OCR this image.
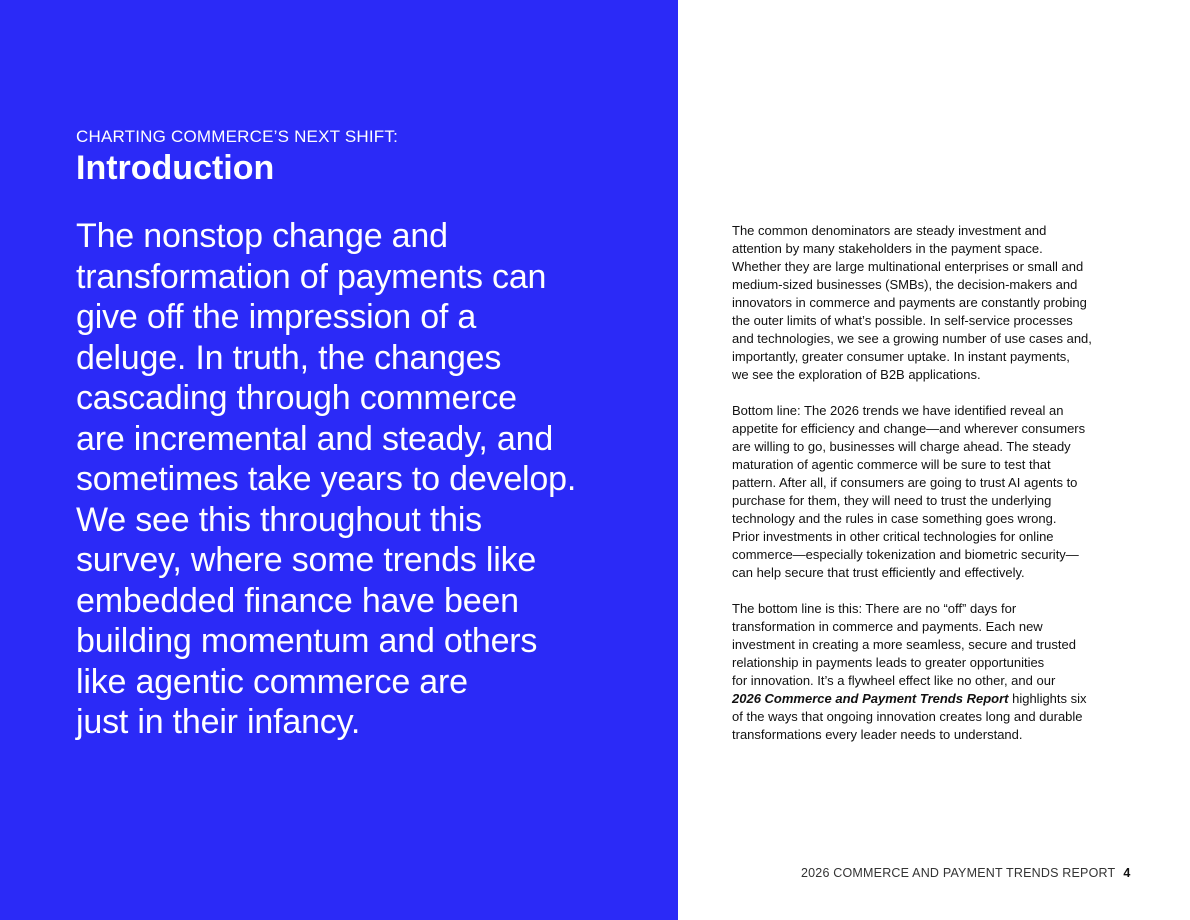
CHARTING COMMERCE’S NEXT SHIFT:
Introduction
The nonstop change and
transformation of payments can
give off the impression of a
deluge. In truth, the changes
cascading through commerce
are incremental and steady, and
sometimes take years to develop.
We see this throughout this
survey, where some trends like
embedded finance have been
building momentum and others
like agentic commerce are
just in their infancy.

The common denominators are steady investment and
attention by many stakeholders in the payment space.
Whether they are large multinational enterprises or small and
medium-sized businesses (SMBs), the decision-makers and
innovators in commerce and payments are constantly probing
the outer limits of what’s possible. In self-service processes
and technologies, we see a growing number of use cases and,
importantly, greater consumer uptake. In instant payments,
we see the exploration of B2B applications.

Bottom line: The 2026 trends we have identified reveal an
appetite for efficiency and change—and wherever consumers
are willing to go, businesses will charge ahead. The steady
maturation of agentic commerce will be sure to test that
pattern. After all, if consumers are going to trust AI agents to
purchase for them, they will need to trust the underlying
technology and the rules in case something goes wrong.
Prior investments in other critical technologies for online
commerce—especially tokenization and biometric security—
can help secure that trust efficiently and effectively.

The bottom line is this: There are no “off” days for
transformation in commerce and payments. Each new
investment in creating a more seamless, secure and trusted
relationship in payments leads to greater opportunities
for innovation. It’s a flywheel effect like no other, and our
2026 Commerce and Payment Trends Report highlights six
of the ways that ongoing innovation creates long and durable
transformations every leader needs to understand.

2026 COMMERCE AND PAYMENT TRENDS REPORT 4
